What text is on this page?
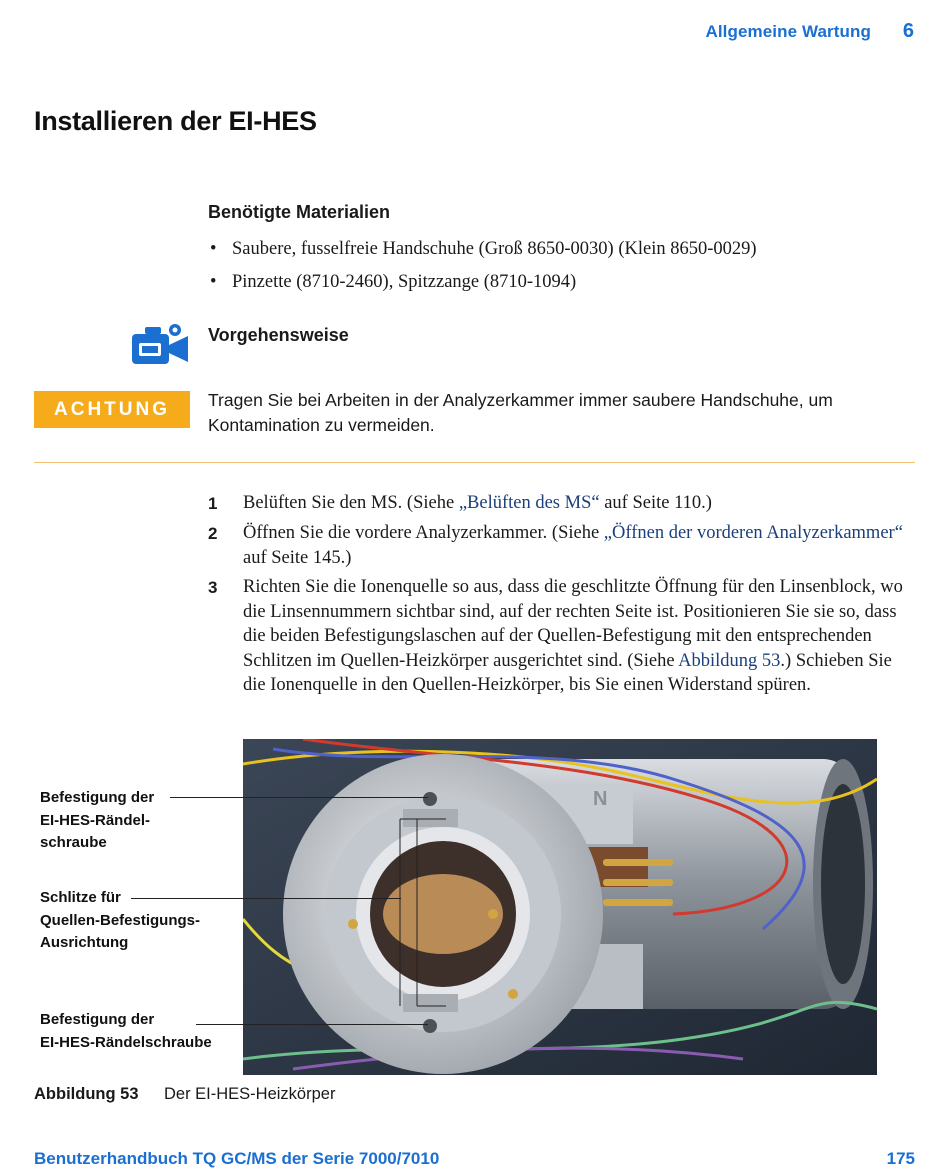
Allgemeine Wartung 6
Installieren der EI-HES
Benötigte Materialien
• Saubere, fusselfreie Handschuhe (Groß 8650-0030) (Klein 8650-0029)
• Pinzette (8710-2460), Spitzzange (8710-1094)
Vorgehensweise
ACHTUNG	Tragen Sie bei Arbeiten in der Analyzerkammer immer saubere Handschuhe, um Kontamination zu vermeiden.
1	Belüften Sie den MS. (Siehe „Belüften des MS“ auf Seite 110.)
2	Öffnen Sie die vordere Analyzerkammer. (Siehe „Öffnen der vorderen Analyzerkammer“ auf Seite 145.)
3	Richten Sie die Ionenquelle so aus, dass die geschlitzte Öffnung für den Linsenblock, wo die Linsennummern sichtbar sind, auf der rechten Seite ist. Positionieren Sie sie so, dass die beiden Befestigungslaschen auf der Quellen-Befestigung mit den entsprechenden Schlitzen im Quellen-Heizkörper ausgerichtet sind. (Siehe Abbildung 53.) Schieben Sie die Ionenquelle in den Quellen-Heizkörper, bis Sie einen Widerstand spüren.
N
Befestigung der
EI-HES-Rändel-
schraube
Schlitze für
Quellen-Befestigungs-
Ausrichtung
Befestigung der
EI-HES-Rändelschraube
Abbildung 53 Der EI-HES-Heizkörper
Benutzerhandbuch TQ GC/MS der Serie 7000/7010	175
